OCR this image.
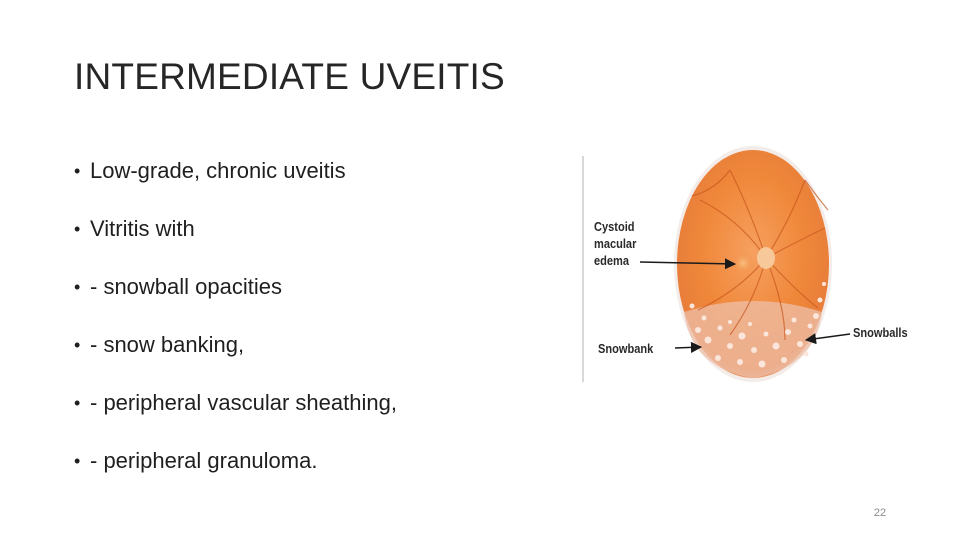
INTERMEDIATE UVEITIS
• Low-grade, chronic uveitis
• Vitritis with
• - snowball opacities
• - snow banking,
• - peripheral vascular sheathing,
• - peripheral granuloma.
Cystoid macular edema
Snowbank
Snowballs
22
